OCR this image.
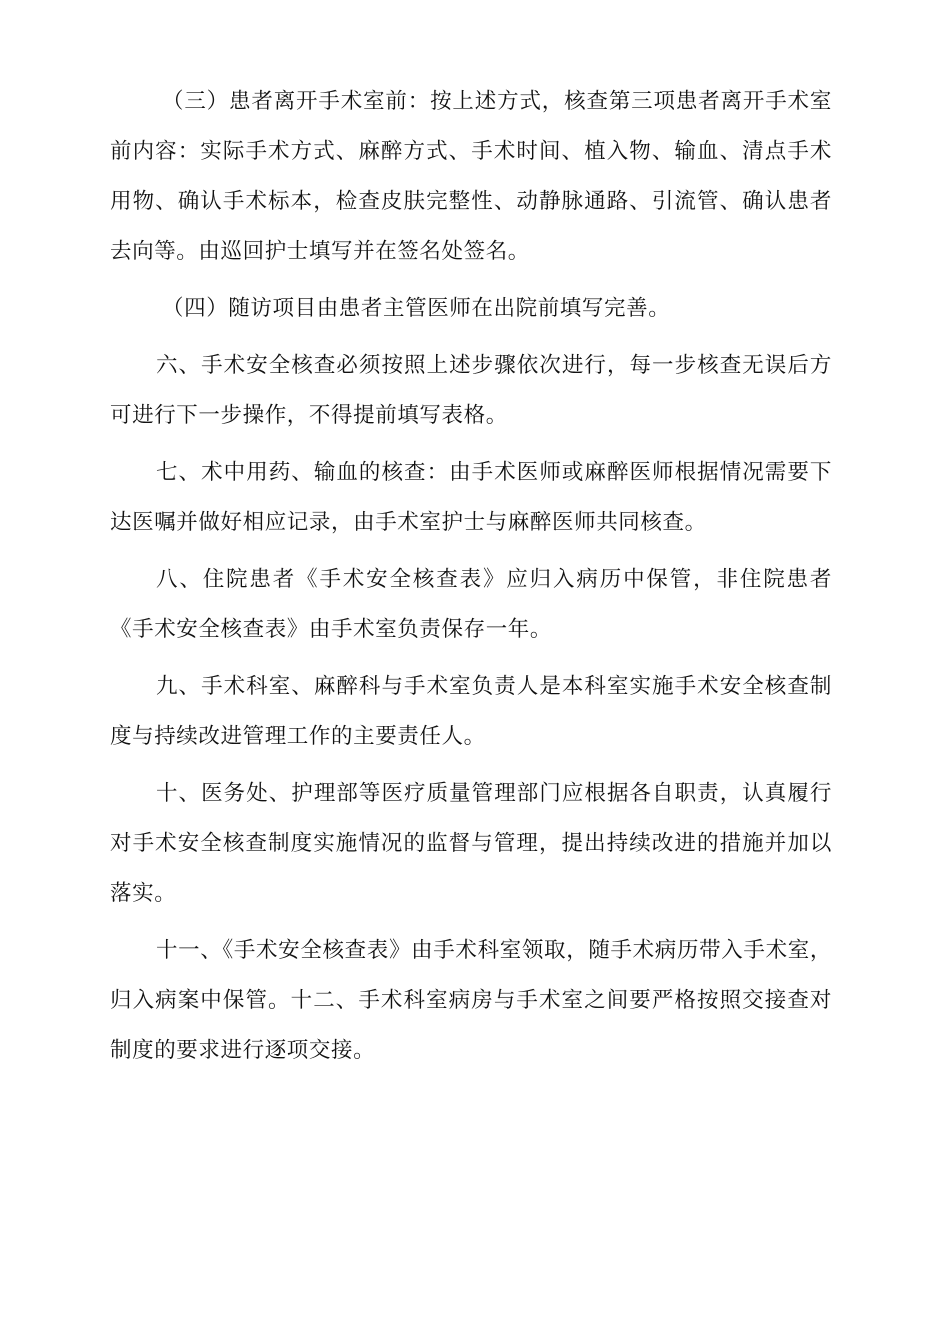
（三）患者离开手术室前：按上述方式，核查第三项患者离开手术室前内容：实际手术方式、麻醉方式、手术时间、植入物、输血、清点手术用物、确认手术标本，检查皮肤完整性、动静脉通路、引流管、确认患者去向等。由巡回护士填写并在签名处签名。

（四）随访项目由患者主管医师在出院前填写完善。

六、手术安全核查必须按照上述步骤依次进行，每一步核查无误后方可进行下一步操作，不得提前填写表格。

七、术中用药、输血的核查：由手术医师或麻醉医师根据情况需要下达医嘱并做好相应记录，由手术室护士与麻醉医师共同核查。

八、住院患者《手术安全核查表》应归入病历中保管，非住院患者《手术安全核查表》由手术室负责保存一年。

九、手术科室、麻醉科与手术室负责人是本科室实施手术安全核查制度与持续改进管理工作的主要责任人。

十、医务处、护理部等医疗质量管理部门应根据各自职责，认真履行对手术安全核查制度实施情况的监督与管理，提出持续改进的措施并加以落实。

十一、《手术安全核查表》由手术科室领取，随手术病历带入手术室，归入病案中保管。十二、手术科室病房与手术室之间要严格按照交接查对制度的要求进行逐项交接。
